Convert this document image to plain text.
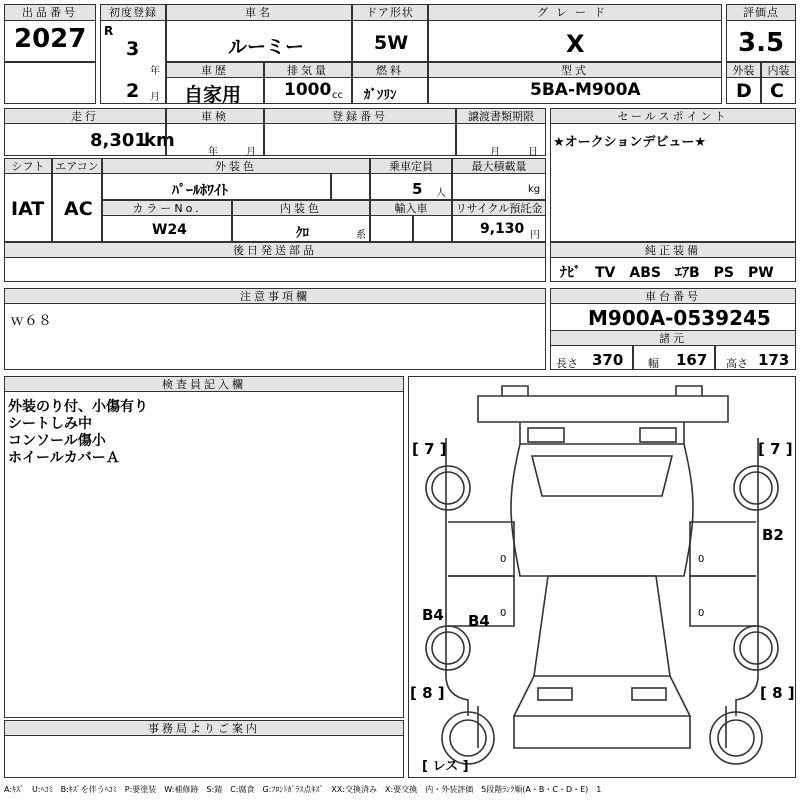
出品番号
2027
初度登録
R
3
年
2 月
車名
ルーミー
ドア形状
5W
グレード
X
評価点
3.5
車歴
自家用
排気量
1000 cc
燃料
ｶﾞｿﾘﾝ
型式
5BA-M900A
外装	内装
D C
走行
8,301
km
車検
年	月
登録番号	譲渡書類期限
月	日
セールスポイント
★オークションデビュー★
シフト
IAT
エアコン
AC
外装色
ﾊﾟｰﾙﾎﾜｲﾄ
乗車定員
5 人
最大積載量
kg
カラーNo.
W24
内装色
ｸﾛ	系
輸入車	リサイクル預託金
9,130 円
後日発送部品	純正装備
ﾅﾋﾞ　TV　ABS　ｴｱB　PS　PW
注意事項欄
ｗ６８
車台番号
M900A-0539245
諸元
長さ 370 幅 167 高さ 173
検査員記入欄
外装のり付、小傷有り
シートしみ中
コンソール傷小
ホイールカバーＡ
事務局よりご案内
0
0
0
0
[ 7 ]	[ 7 ]
B2
B4 B4
[ 8 ]	[ 8 ]
[ レス ]
A:ｷｽﾞ　U:ﾍｺﾐ　B:ｷｽﾞを伴うﾍｺﾐ　P:要塗装　W:補修跡　S:錆　C:腐食　G:ﾌﾛﾝﾄｶﾞﾗｽ点ｷｽﾞ　XX:交換済み　X:要交換　内・外装評価　5段階ﾗﾝｸ順(A・B・C・D・E)　1
